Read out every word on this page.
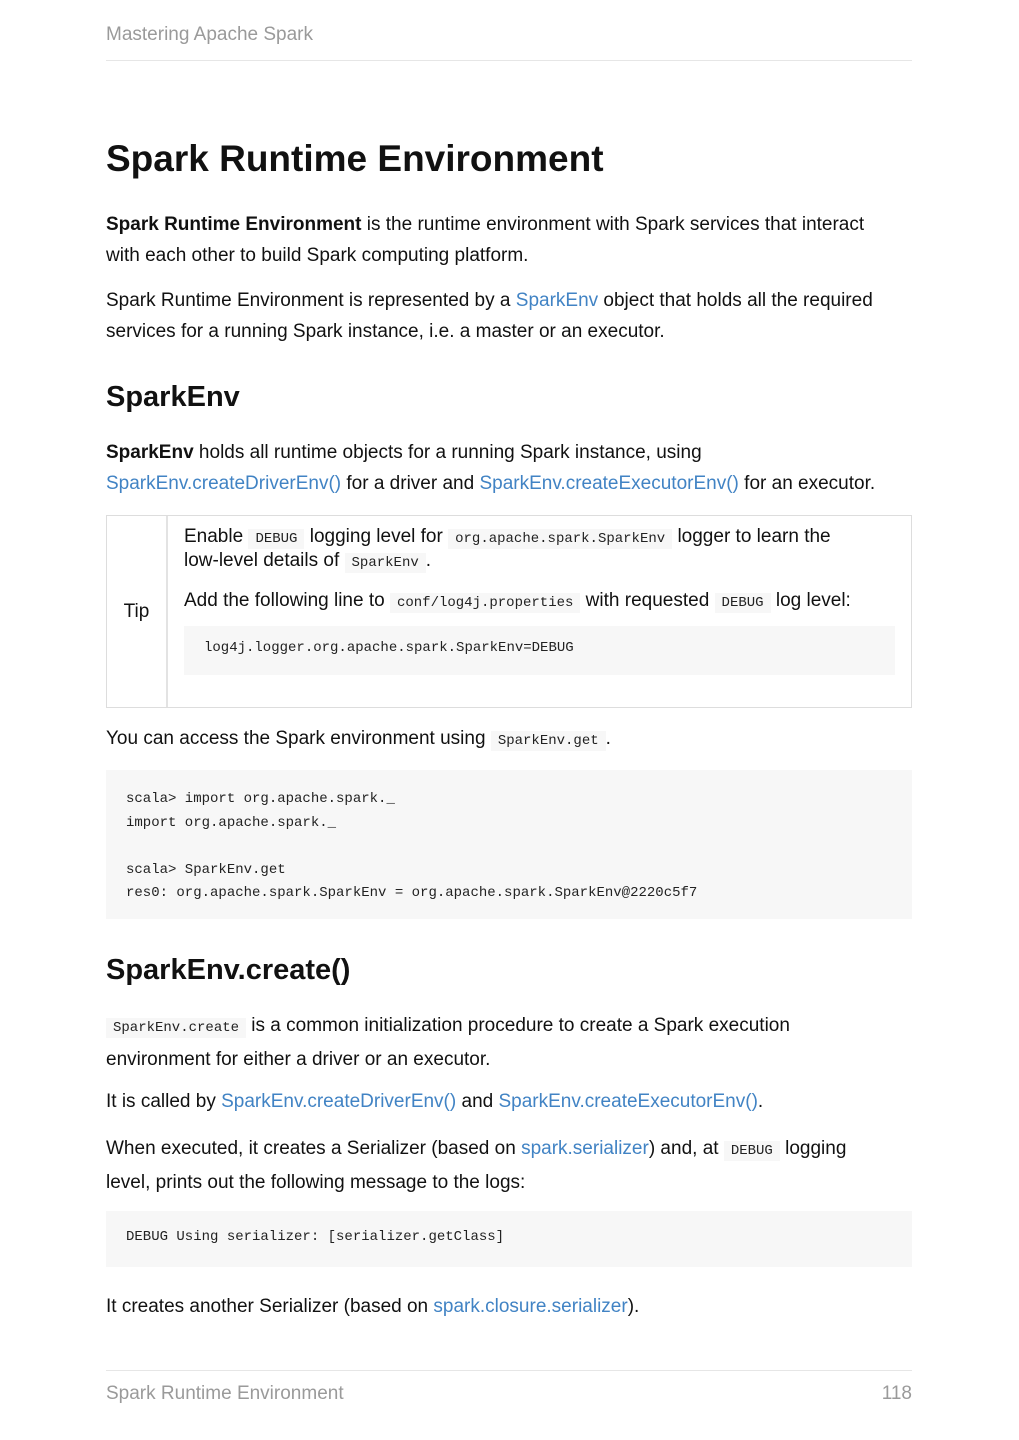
Mastering Apache Spark
Spark Runtime Environment

Spark Runtime Environment is the runtime environment with Spark services that interact
with each other to build Spark computing platform.

Spark Runtime Environment is represented by a SparkEnv object that holds all the required
services for a running Spark instance, i.e. a master or an executor.

SparkEnv

SparkEnv holds all runtime objects for a running Spark instance, using
SparkEnv.createDriverEnv() for a driver and SparkEnv.createExecutorEnv() for an executor.

Tip
Enable DEBUG logging level for org.apache.spark.SparkEnv logger to learn the
low-level details of SparkEnv .
Add the following line to conf/log4j.properties with requested DEBUG log level:
log4j.logger.org.apache.spark.SparkEnv=DEBUG

You can access the Spark environment using SparkEnv.get .

scala> import org.apache.spark._
import org.apache.spark._

scala> SparkEnv.get
res0: org.apache.spark.SparkEnv = org.apache.spark.SparkEnv@2220c5f7
SparkEnv.create()

SparkEnv.create is a common initialization procedure to create a Spark execution
environment for either a driver or an executor.

It is called by SparkEnv.createDriverEnv() and SparkEnv.createExecutorEnv().

When executed, it creates a Serializer (based on spark.serializer) and, at DEBUG logging
level, prints out the following message to the logs:

DEBUG Using serializer: [serializer.getClass]

It creates another Serializer (based on spark.closure.serializer).

Spark Runtime Environment	118
